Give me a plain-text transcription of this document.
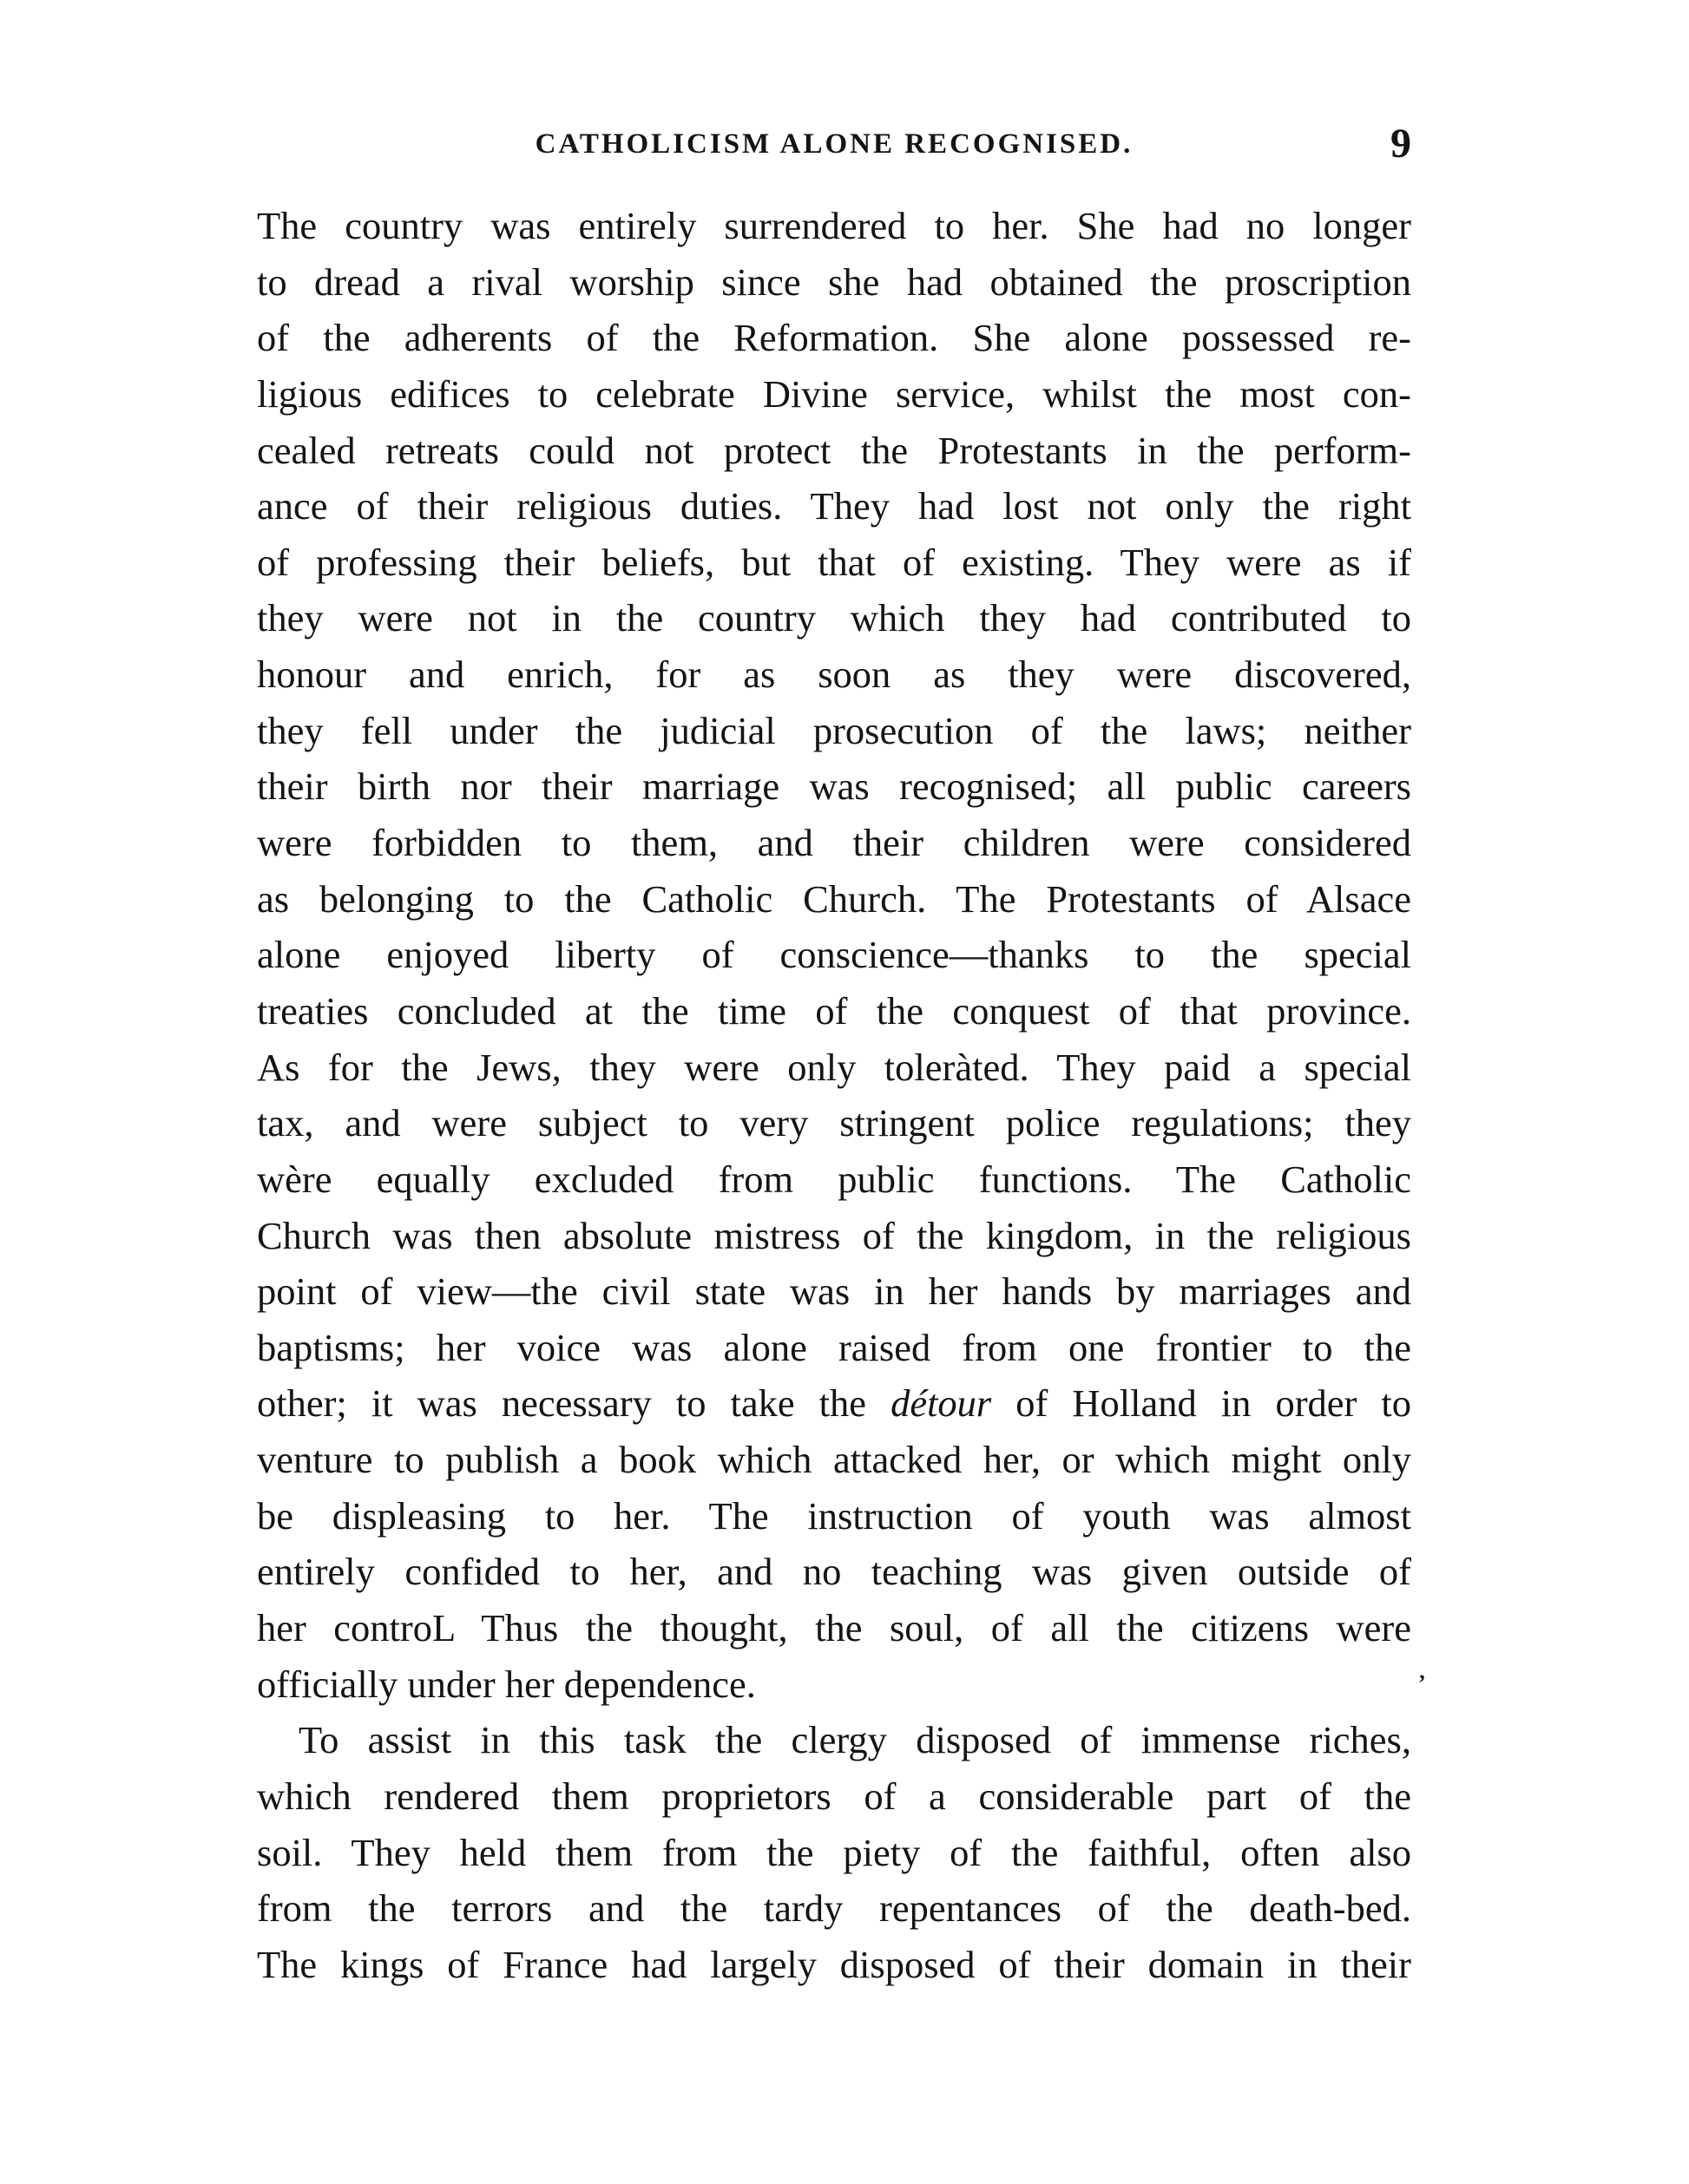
CATHOLICISM ALONE RECOGNISED.	9
The country was entirely surrendered to her. She had no longer
to dread a rival worship since she had obtained the proscription
of the adherents of the Reformation. She alone possessed re-
ligious edifices to celebrate Divine service, whilst the most con-
cealed retreats could not protect the Protestants in the perform-
ance of their religious duties. They had lost not only the right
of professing their beliefs, but that of existing. They were as if
they were not in the country which they had contributed to
honour and enrich, for as soon as they were discovered,
they fell under the judicial prosecution of the laws; neither
their birth nor their marriage was recognised; all public careers
were forbidden to them, and their children were considered
as belonging to the Catholic Church. The Protestants of Alsace
alone enjoyed liberty of conscience—thanks to the special
treaties concluded at the time of the conquest of that province.
As for the Jews, they were only toleràted. They paid a special
tax, and were subject to very stringent police regulations; they
wère equally excluded from public functions. The Catholic
Church was then absolute mistress of the kingdom, in the religious
point of view—the civil state was in her hands by marriages and
baptisms; her voice was alone raised from one frontier to the
other; it was necessary to take the détour of Holland in order to
venture to publish a book which attacked her, or which might only
be displeasing to her. The instruction of youth was almost
entirely confided to her, and no teaching was given outside of
her controL Thus the thought, the soul, of all the citizens were
officially under her dependence.
To assist in this task the clergy disposed of immense riches,
which rendered them proprietors of a considerable part of the
soil. They held them from the piety of the faithful, often also
from the terrors and the tardy repentances of the death-bed.
The kings of France had largely disposed of their domain in their
ʼ
